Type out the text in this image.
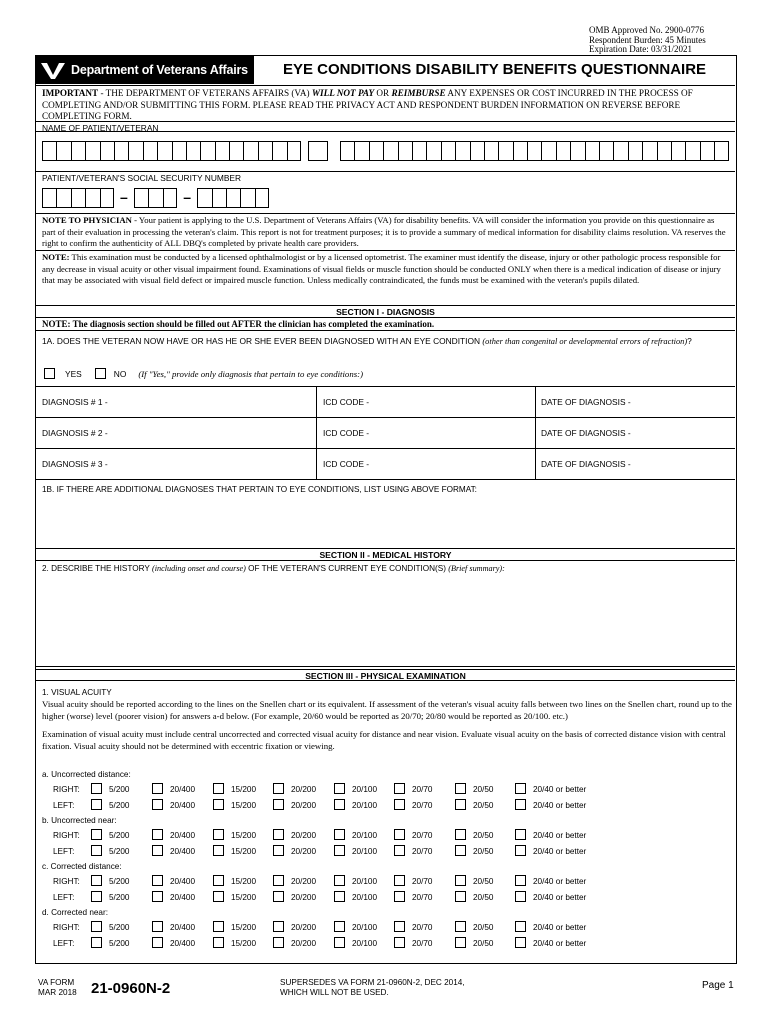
OMB Approved No. 2900-0776
Respondent Burden: 45 Minutes
Expiration Date: 03/31/2021
Department of Veterans Affairs	EYE CONDITIONS DISABILITY BENEFITS QUESTIONNAIRE
IMPORTANT - THE DEPARTMENT OF VETERANS AFFAIRS (VA) WILL NOT PAY OR REIMBURSE ANY EXPENSES OR COST INCURRED IN THE PROCESS OF COMPLETING AND/OR SUBMITTING THIS FORM. PLEASE READ THE PRIVACY ACT AND RESPONDENT BURDEN INFORMATION ON REVERSE BEFORE COMPLETING FORM.
NAME OF PATIENT/VETERAN
PATIENT/VETERAN'S SOCIAL SECURITY NUMBER
–	–
NOTE TO PHYSICIAN - Your patient is applying to the U.S. Department of Veterans Affairs (VA) for disability benefits. VA will consider the information you provide on this questionnaire as part of their evaluation in processing the veteran's claim. This report is not for treatment purposes; it is to provide a summary of medical information for disability claims resolution. VA reserves the right to confirm the authenticity of ALL DBQ's completed by private health care providers.
NOTE: This examination must be conducted by a licensed ophthalmologist or by a licensed optometrist. The examiner must identify the disease, injury or other pathologic process responsible for any decrease in visual acuity or other visual impairment found. Examinations of visual fields or muscle function should be conducted ONLY when there is a medical indication of disease or injury that may be associated with visual field defect or impaired muscle function. Unless medically contraindicated, the funds must be examined with the veteran's pupils dilated.
SECTION I - DIAGNOSIS
NOTE: The diagnosis section should be filled out AFTER the clinician has completed the examination.
1A. DOES THE VETERAN NOW HAVE OR HAS HE OR SHE EVER BEEN DIAGNOSED WITH AN EYE CONDITION (other than congenital or developmental errors of refraction)?
YES	NO (If "Yes," provide only diagnosis that pertain to eye conditions:)
DIAGNOSIS # 1 -	ICD CODE -	DATE OF DIAGNOSIS -
DIAGNOSIS # 2 -	ICD CODE -	DATE OF DIAGNOSIS -
DIAGNOSIS # 3 -	ICD CODE -	DATE OF DIAGNOSIS -
1B. IF THERE ARE ADDITIONAL DIAGNOSES THAT PERTAIN TO EYE CONDITIONS, LIST USING ABOVE FORMAT:
SECTION II - MEDICAL HISTORY
2. DESCRIBE THE HISTORY (including onset and course) OF THE VETERAN'S CURRENT EYE CONDITION(S) (Brief summary):
SECTION III - PHYSICAL EXAMINATION
1. VISUAL ACUITY
Visual acuity should be reported according to the lines on the Snellen chart or its equivalent. If assessment of the veteran's visual acuity falls between two lines on the Snellen chart, round up to the higher (worse) level (poorer vision) for answers a-d below. (For example, 20/60 would be reported as 20/70; 20/80 would be reported as 20/100. etc.)
Examination of visual acuity must include central uncorrected and corrected visual acuity for distance and near vision. Evaluate visual acuity on the basis of corrected distance vision with central fixation. Visual acuity should not be determined with eccentric fixation or viewing.
a. Uncorrected distance:
RIGHT:	5/200	20/400	15/200	20/200	20/100	20/70	20/50	20/40 or better
LEFT:	5/200	20/400	15/200	20/200	20/100	20/70	20/50	20/40 or better
b. Uncorrected near:
RIGHT:	5/200	20/400	15/200	20/200	20/100	20/70	20/50	20/40 or better
LEFT:	5/200	20/400	15/200	20/200	20/100	20/70	20/50	20/40 or better
c. Corrected distance:
RIGHT:	5/200	20/400	15/200	20/200	20/100	20/70	20/50	20/40 or better
LEFT:	5/200	20/400	15/200	20/200	20/100	20/70	20/50	20/40 or better
d. Corrected near:
RIGHT:	5/200	20/400	15/200	20/200	20/100	20/70	20/50	20/40 or better
LEFT:	5/200	20/400	15/200	20/200	20/100	20/70	20/50	20/40 or better
VA FORM
MAR 2018 21-0960N-2	SUPERSEDES VA FORM 21-0960N-2, DEC 2014,
WHICH WILL NOT BE USED.
Page 1
